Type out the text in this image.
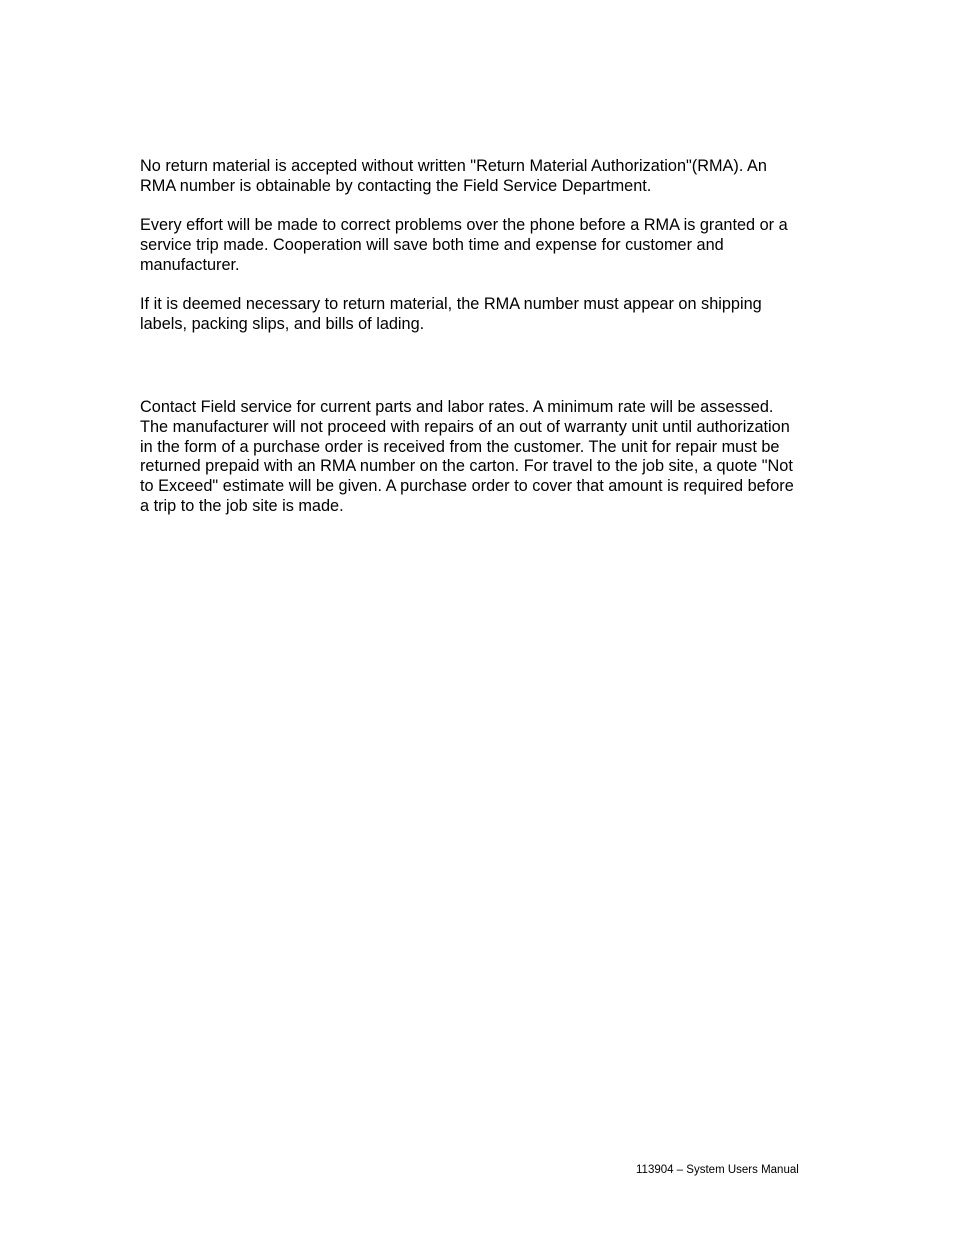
No return material is accepted without written "Return Material Authorization"(RMA). An
RMA number is obtainable by contacting the Field Service Department.

Every effort will be made to correct problems over the phone before a RMA is granted or a
service trip made. Cooperation will save both time and expense for customer and
manufacturer.

If it is deemed necessary to return material, the RMA number must appear on shipping
labels, packing slips, and bills of lading.

Contact Field service for current parts and labor rates. A minimum rate will be assessed.
The manufacturer will not proceed with repairs of an out of warranty unit until authorization
in the form of a purchase order is received from the customer. The unit for repair must be
returned prepaid with an RMA number on the carton. For travel to the job site, a quote "Not
to Exceed" estimate will be given. A purchase order to cover that amount is required before
a trip to the job site is made.

113904 – System Users Manual
